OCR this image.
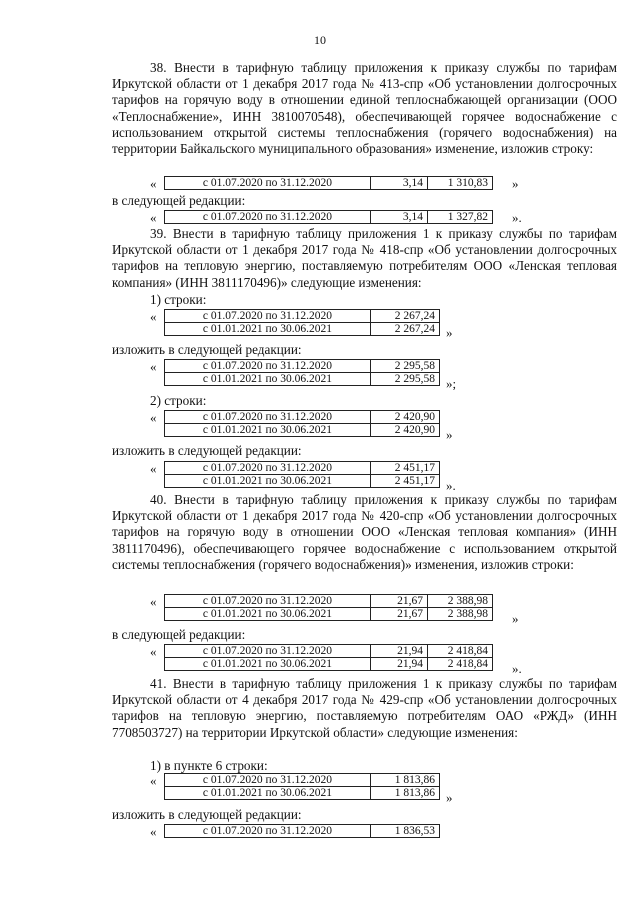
10
38. Внести в тарифную таблицу приложения к приказу службы по тарифам Иркутской области от 1 декабря 2017 года № 413-спр «Об установлении долгосрочных тарифов на горячую воду в отношении единой теплоснабжающей организации (ООО «Теплоснабжение», ИНН 3810070548), обеспечивающей горячее водоснабжение с использованием открытой системы теплоснабжения (горячего водоснабжения) на территории Байкальского муниципального образования» изменение, изложив строку:
«	с 01.07.2020 по 31.12.2020	3,14	1 310,83 »
в следующей редакции:
«	с 01.07.2020 по 31.12.2020	3,14	1 327,82 ».
39. Внести в тарифную таблицу приложения 1 к приказу службы по тарифам Иркутской области от 1 декабря 2017 года № 418-спр «Об установлении долгосрочных тарифов на тепловую энергию, поставляемую потребителям ООО «Ленская тепловая компания» (ИНН 3811170496)» следующие изменения:
1) строки:
«	с 01.07.2020 по 31.12.2020	2 267,24
с 01.01.2021 по 30.06.2021	2 267,24 »
изложить в следующей редакции:
«	с 01.07.2020 по 31.12.2020	2 295,58
с 01.01.2021 по 30.06.2021	2 295,58 »;
2) строки:
«	с 01.07.2020 по 31.12.2020	2 420,90
с 01.01.2021 по 30.06.2021	2 420,90 »
изложить в следующей редакции:
«	с 01.07.2020 по 31.12.2020	2 451,17
с 01.01.2021 по 30.06.2021	2 451,17 ».
40. Внести в тарифную таблицу приложения к приказу службы по тарифам Иркутской области от 1 декабря 2017 года № 420-спр «Об установлении долгосрочных тарифов на горячую воду в отношении ООО «Ленская тепловая компания» (ИНН 3811170496), обеспечивающего горячее водоснабжение с использованием открытой системы теплоснабжения (горячего водоснабжения)» изменения, изложив строки:
«	с 01.07.2020 по 31.12.2020	21,67	2 388,98
с 01.01.2021 по 30.06.2021	21,67	2 388,98 »
в следующей редакции:
«	с 01.07.2020 по 31.12.2020	21,94	2 418,84
с 01.01.2021 по 30.06.2021	21,94	2 418,84 ».
41. Внести в тарифную таблицу приложения 1 к приказу службы по тарифам Иркутской области от 4 декабря 2017 года № 429-спр «Об установлении долгосрочных тарифов на тепловую энергию, поставляемую потребителям ОАО «РЖД» (ИНН 7708503727) на территории Иркутской области» следующие изменения:
1) в пункте 6 строки:
«	с 01.07.2020 по 31.12.2020	1 813,86
с 01.01.2021 по 30.06.2021	1 813,86 »
изложить в следующей редакции:
«	с 01.07.2020 по 31.12.2020	1 836,53
